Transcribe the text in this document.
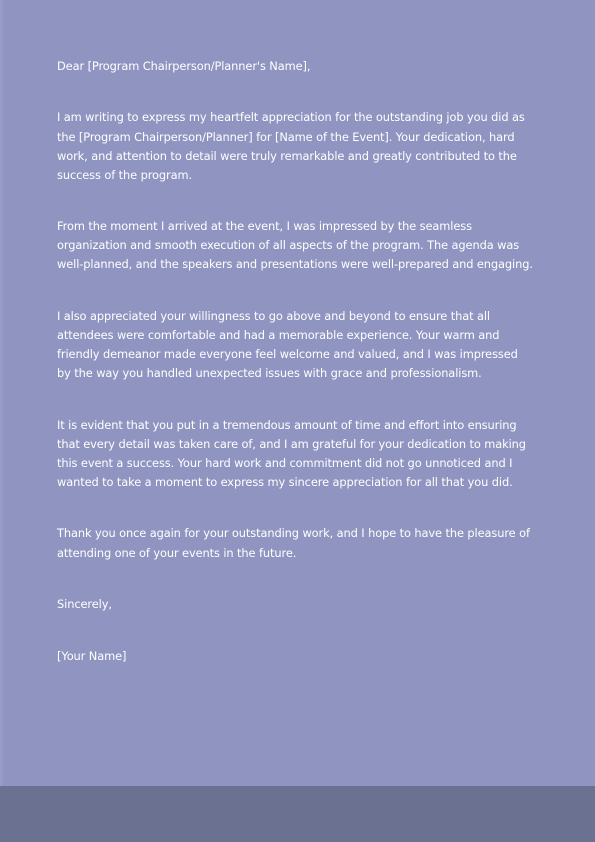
Dear [Program Chairperson/Planner's Name],

I am writing to express my heartfelt appreciation for the outstanding job you did as the [Program Chairperson/Planner] for [Name of the Event]. Your dedication, hard work, and attention to detail were truly remarkable and greatly contributed to the success of the program.

From the moment I arrived at the event, I was impressed by the seamless organization and smooth execution of all aspects of the program. The agenda was well-planned, and the speakers and presentations were well-prepared and engaging.

I also appreciated your willingness to go above and beyond to ensure that all attendees were comfortable and had a memorable experience. Your warm and friendly demeanor made everyone feel welcome and valued, and I was impressed by the way you handled unexpected issues with grace and professionalism.

It is evident that you put in a tremendous amount of time and effort into ensuring that every detail was taken care of, and I am grateful for your dedication to making this event a success. Your hard work and commitment did not go unnoticed and I wanted to take a moment to express my sincere appreciation for all that you did.

Thank you once again for your outstanding work, and I hope to have the pleasure of attending one of your events in the future.

Sincerely,

[Your Name]
